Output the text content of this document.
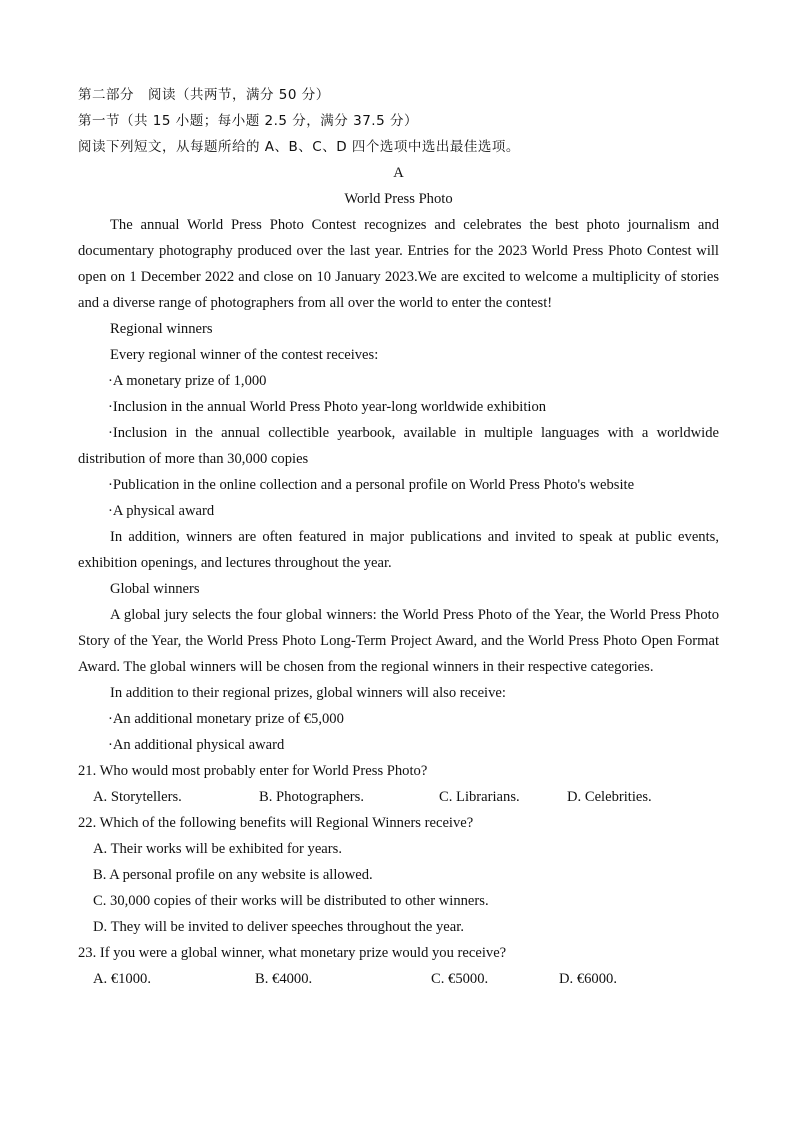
第二部分　阅读（共两节，满分 50 分）
第一节（共 15 小题；每小题 2.5 分，满分 37.5 分）
阅读下列短文，从每题所给的 A、B、C、D 四个选项中选出最佳选项。
A
World Press Photo
The annual World Press Photo Contest recognizes and celebrates the best photo journalism and documentary photography produced over the last year. Entries for the 2023 World Press Photo Contest will open on 1 December 2022 and close on 10 January 2023.We are excited to welcome a multiplicity of stories and a diverse range of photographers from all over the world to enter the contest!
Regional winners
Every regional winner of the contest receives:
·A monetary prize of 1,000
·Inclusion in the annual World Press Photo year-long worldwide exhibition
·Inclusion in the annual collectible yearbook, available in multiple languages with a worldwide distribution of more than 30,000 copies
·Publication in the online collection and a personal profile on World Press Photo's website
·A physical award
In addition, winners are often featured in major publications and invited to speak at public events, exhibition openings, and lectures throughout the year.
Global winners
A global jury selects the four global winners: the World Press Photo of the Year, the World Press Photo Story of the Year, the World Press Photo Long-Term Project Award, and the World Press Photo Open Format Award. The global winners will be chosen from the regional winners in their respective categories.
In addition to their regional prizes, global winners will also receive:
·An additional monetary prize of €5,000
·An additional physical award
21. Who would most probably enter for World Press Photo?
A. Storytellers.	B. Photographers.	C. Librarians.	D. Celebrities.
22. Which of the following benefits will Regional Winners receive?
A. Their works will be exhibited for years.
B. A personal profile on any website is allowed.
C. 30,000 copies of their works will be distributed to other winners.
D. They will be invited to deliver speeches throughout the year.
23. If you were a global winner, what monetary prize would you receive?
A. €1000.	B. €4000.	C. €5000.	D. €6000.
